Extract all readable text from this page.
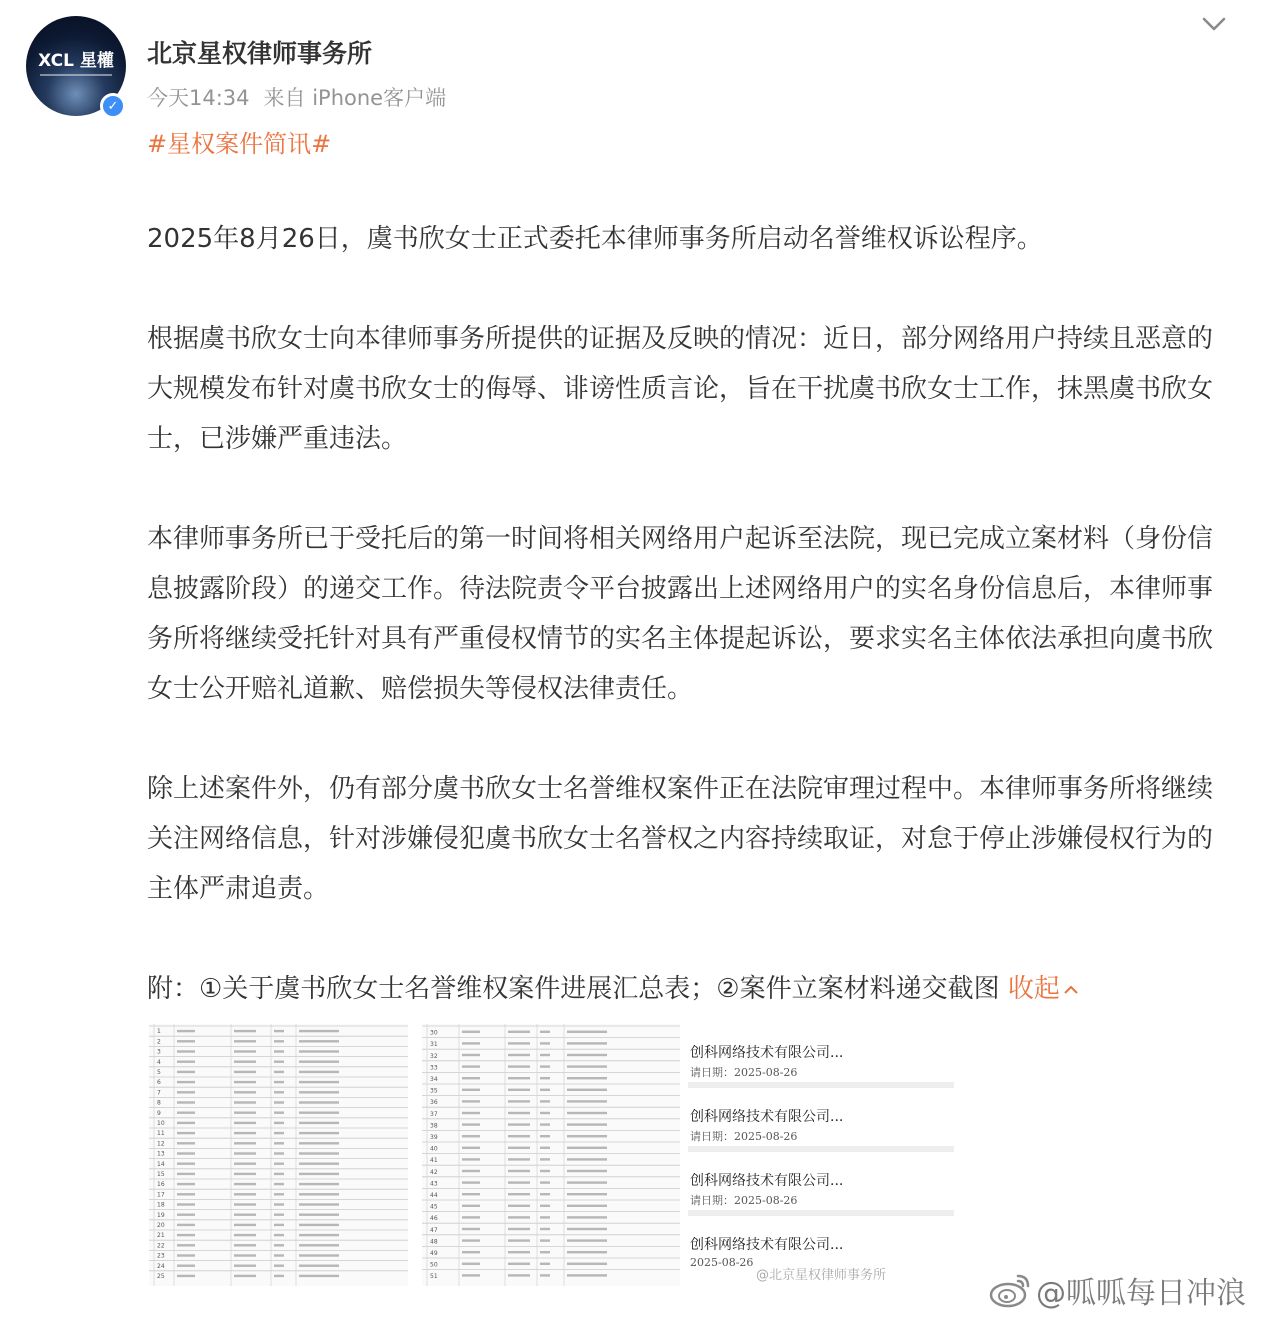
XCL 星權
✓
北京星权律师事务所
今天14:34 来自 iPhone客户端
#星权案件简讯#

2025年8月26日，虞书欣女士正式委托本律师事务所启动名誉维权诉讼程序。

根据虞书欣女士向本律师事务所提供的证据及反映的情况：近日，部分网络用户持续且恶意的大规模发布针对虞书欣女士的侮辱、诽谤性质言论，旨在干扰虞书欣女士工作，抹黑虞书欣女士，已涉嫌严重违法。

本律师事务所已于受托后的第一时间将相关网络用户起诉至法院，现已完成立案材料（身份信息披露阶段）的递交工作。待法院责令平台披露出上述网络用户的实名身份信息后，本律师事务所将继续受托针对具有严重侵权情节的实名主体提起诉讼，要求实名主体依法承担向虞书欣女士公开赔礼道歉、赔偿损失等侵权法律责任。

除上述案件外，仍有部分虞书欣女士名誉维权案件正在法院审理过程中。本律师事务所将继续关注网络信息，针对涉嫌侵犯虞书欣女士名誉权之内容持续取证，对怠于停止涉嫌侵权行为的主体严肃追责。

附：①关于虞书欣女士名誉维权案件进展汇总表；②案件立案材料递交截图 收起

1
2
3
4
5
6
7
8
9
10
11
12
13
14
15
16
17
18
19
20
21
22
23
24
25
30
31
32
33
34
35
36
37
38
39
40
41
42
43
44
45
46
47
48
49
50
51
创科网络技术有限公司...
请日期：2025-08-26
创科网络技术有限公司...
请日期：2025-08-26
创科网络技术有限公司...
请日期：2025-08-26
创科网络技术有限公司...
2025-08-26
@北京星权律师事务所
@呱呱每日冲浪
